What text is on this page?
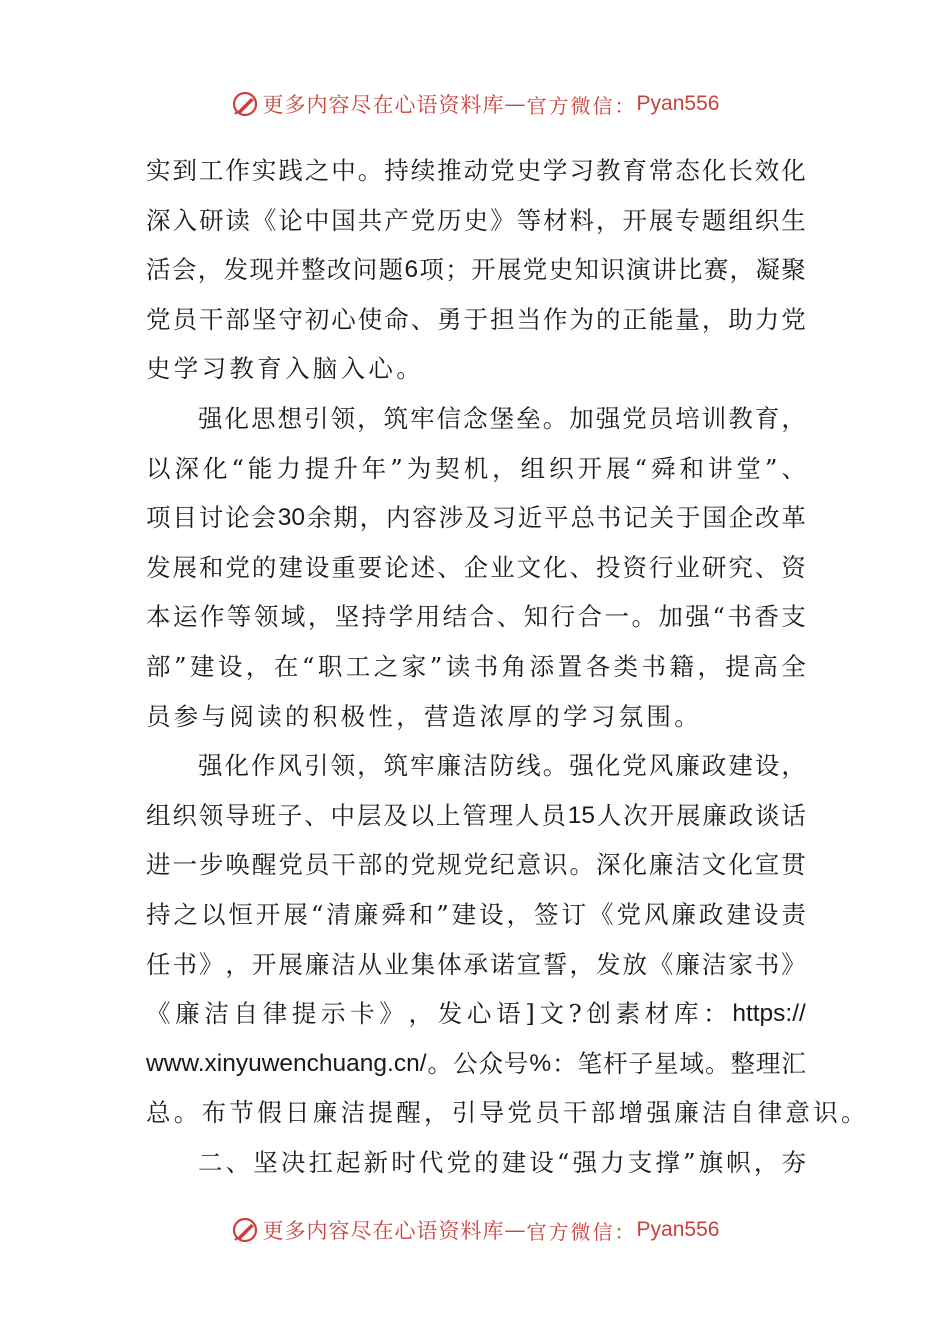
更多内容尽在心语资料库 — 官方微信： Pyan556
实 到 工 作 实 践 之 中 。 持 续 推 动 党 史 学 习 教 育 常 态 化 长 效 化
深 入 研 读 《 论 中 国 共 产 党 历 史 》 等 材 料 ， 开 展 专 题 组 织 生
活 会 ， 发 现 并 整 改 问 题 6 项 ； 开 展 党 史 知 识 演 讲 比 赛 ， 凝 聚
党 员 干 部 坚 守 初 心 使 命 、 勇 于 担 当 作 为 的 正 能 量 ， 助 力 党
史学习教育入脑入心。
强 化 思 想 引 领 ， 筑 牢 信 念 堡 垒 。 加 强 党 员 培 训 教 育 ，
以 深 化 “ 能 力 提 升 年 ” 为 契 机 ， 组 织 开 展 “ 舜 和 讲 堂 ” 、
项 目 讨 论 会 30 余 期 ， 内 容 涉 及 习 近 平 总 书 记 关 于 国 企 改 革
发 展 和 党 的 建 设 重 要 论 述 、 企 业 文 化 、 投 资 行 业 研 究 、 资
本 运 作 等 领 域 ， 坚 持 学 用 结 合 、 知 行 合 一 。 加 强 “ 书 香 支
部 ” 建 设 ， 在 “ 职 工 之 家 ” 读 书 角 添 置 各 类 书 籍 ， 提 高 全
员参与阅读的积极性，营造浓厚的学习氛围。
强 化 作 风 引 领 ， 筑 牢 廉 洁 防 线 。 强 化 党 风 廉 政 建 设 ，
组 织 领 导 班 子 、 中 层 及 以 上 管 理 人 员 15 人 次 开 展 廉 政 谈 话
进 一 步 唤 醒 党 员 干 部 的 党 规 党 纪 意 识 。 深 化 廉 洁 文 化 宣 贯
持 之 以 恒 开 展 “ 清 廉 舜 和 ” 建 设 ， 签 订 《 党 风 廉 政 建 设 责
任 书 》 ， 开 展 廉 洁 从 业 集 体 承 诺 宣 誓 ， 发 放 《 廉 洁 家 书 》
《 廉 洁 自 律 提 示 卡 》 ， 发 心 语 ] 文 ? 创 素 材 库 ： https://
www.xinyuwenchuang.cn/ 。 公 众 号 % ： 笔 杆 子 星 域 。 整 理 汇
总。布节假日廉洁提醒，引导党员干部增强廉洁自律意识。
二 、 坚 决 扛 起 新 时 代 党 的 建 设 “ 强 力 支 撑 ” 旗 帜 ， 夯
更多内容尽在心语资料库 — 官方微信： Pyan556
